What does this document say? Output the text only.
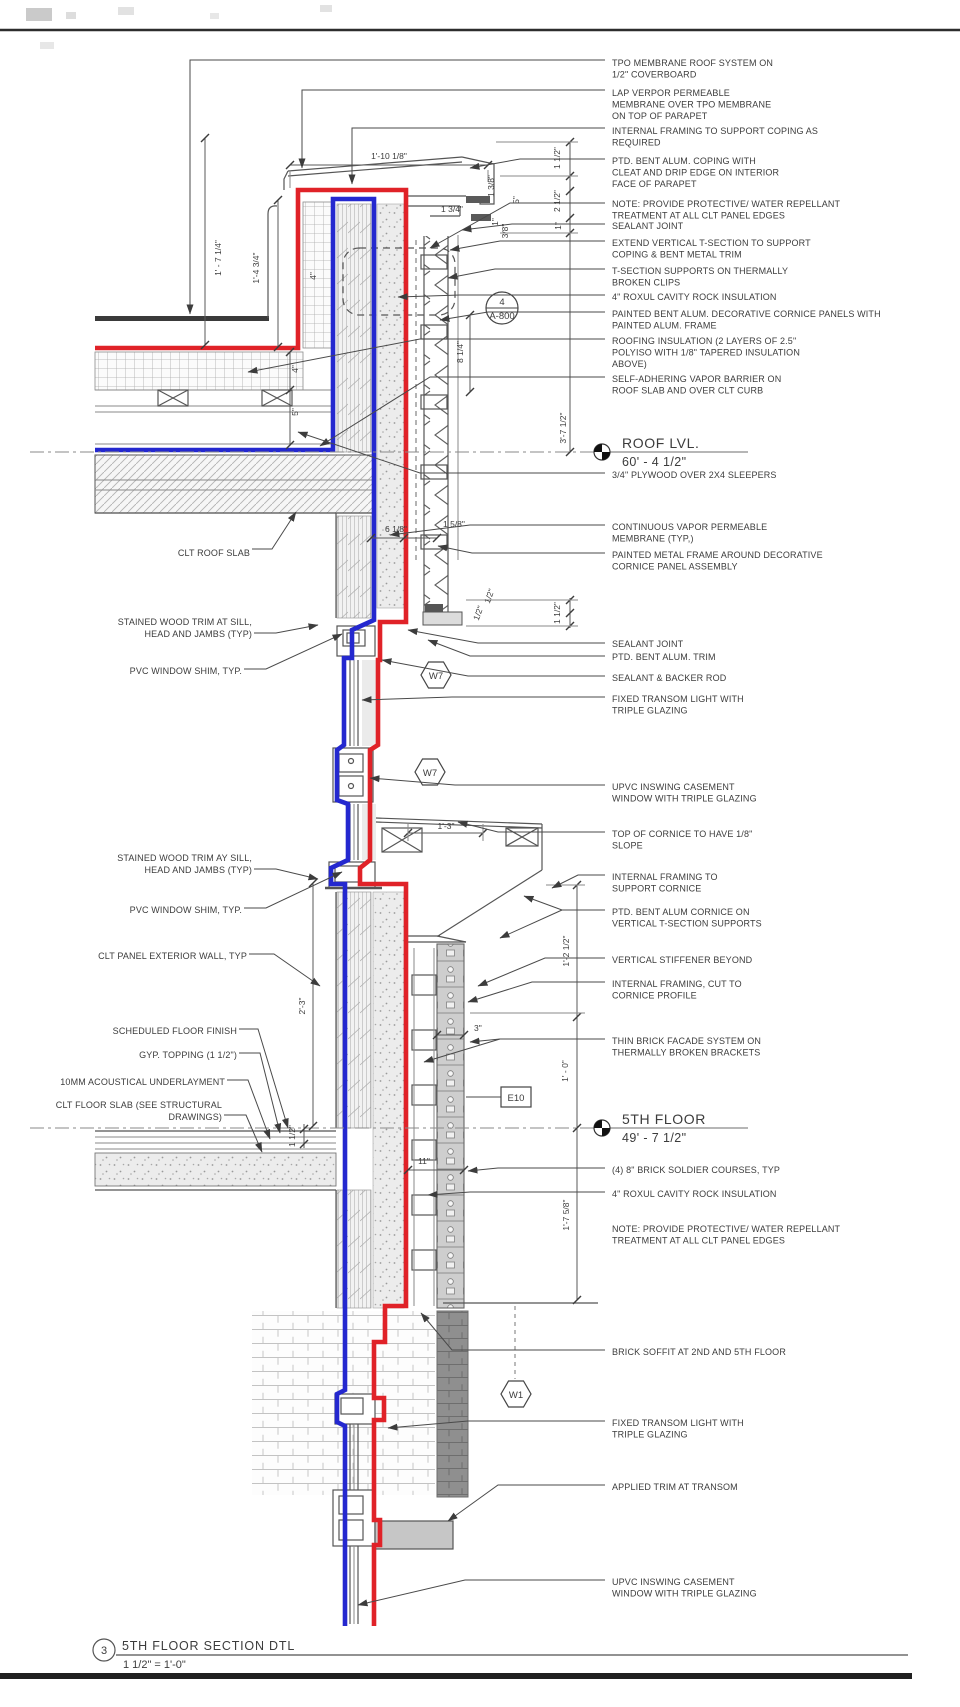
ROOF LVL.
60' - 4 1/2"
5TH FLOOR
49' - 7 1/2"
4
A-800
W7
W7
W1
E10
1'-10 1/8"
1' - 7 1/4"	1'-4 3/4"	4"
4"
5"
1 3/8"
5"
1 3/4"
1"
3/8"
1 1/2"
2 1/2"
1"
3'-7 1/2"
1 1/2"
8 1/4"
6 1/8"	1 5/8"
1/2"
1/2"
1'-3"
1'-2 1/2"
1' - 0"
1'-7 5/8"
2'-3"
3"
1 1/2"
11"
TPO MEMBRANE ROOF SYSTEM ON 1/2" COVERBOARD
LAP VERPOR PERMEABLE MEMBRANE OVER TPO MEMBRANE ON TOP OF PARAPET
INTERNAL FRAMING TO SUPPORT COPING AS REQUIRED
PTD. BENT ALUM. COPING WITH CLEAT AND DRIP EDGE ON INTERIOR FACE OF PARAPET
NOTE: PROVIDE PROTECTIVE/ WATER REPELLANT TREATMENT AT ALL CLT PANEL EDGES
SEALANT JOINT
EXTEND VERTICAL T-SECTION TO SUPPORT COPING & BENT METAL TRIM
T-SECTION SUPPORTS ON THERMALLY BROKEN CLIPS
4" ROXUL CAVITY ROCK INSULATION
PAINTED BENT ALUM. DECORATIVE CORNICE PANELS WITH PAINTED ALUM. FRAME
ROOFING INSULATION (2 LAYERS OF 2.5" POLYISO WITH 1/8" TAPERED INSULATION ABOVE)
SELF-ADHERING VAPOR BARRIER ON ROOF SLAB AND OVER CLT CURB
3/4" PLYWOOD OVER 2X4 SLEEPERS
CONTINUOUS VAPOR PERMEABLE MEMBRANE (TYP,)
PAINTED METAL FRAME AROUND DECORATIVE CORNICE PANEL ASSEMBLY
SEALANT JOINT
PTD. BENT ALUM. TRIM
SEALANT & BACKER ROD
FIXED TRANSOM LIGHT WITH TRIPLE GLAZING
UPVC INSWING CASEMENT WINDOW WITH TRIPLE GLAZING
TOP OF CORNICE TO HAVE 1/8" SLOPE
INTERNAL FRAMING TO SUPPORT CORNICE
PTD. BENT ALUM CORNICE ON VERTICAL T-SECTION SUPPORTS
VERTICAL STIFFENER BEYOND
INTERNAL FRAMING, CUT TO CORNICE PROFILE
THIN BRICK FACADE SYSTEM ON THERMALLY BROKEN BRACKETS
(4) 8" BRICK SOLDIER COURSES, TYP
4" ROXUL CAVITY ROCK INSULATION
NOTE: PROVIDE PROTECTIVE/ WATER REPELLANT TREATMENT AT ALL CLT PANEL EDGES
BRICK SOFFIT AT 2ND AND 5TH FLOOR
FIXED TRANSOM LIGHT WITH TRIPLE GLAZING
APPLIED TRIM AT TRANSOM
UPVC INSWING CASEMENT WINDOW WITH TRIPLE GLAZING
CLT ROOF SLAB
STAINED WOOD TRIM AT SILL, HEAD AND JAMBS (TYP)
PVC WINDOW SHIM, TYP.
STAINED WOOD TRIM AY SILL, HEAD AND JAMBS (TYP)
PVC WINDOW SHIM, TYP.
CLT PANEL EXTERIOR WALL, TYP
SCHEDULED FLOOR FINISH
GYP. TOPPING (1 1/2")
10MM ACOUSTICAL UNDERLAYMENT
CLT FLOOR SLAB (SEE STRUCTURAL DRAWINGS)
3 5TH FLOOR SECTION DTL
1 1/2" = 1'-0"
